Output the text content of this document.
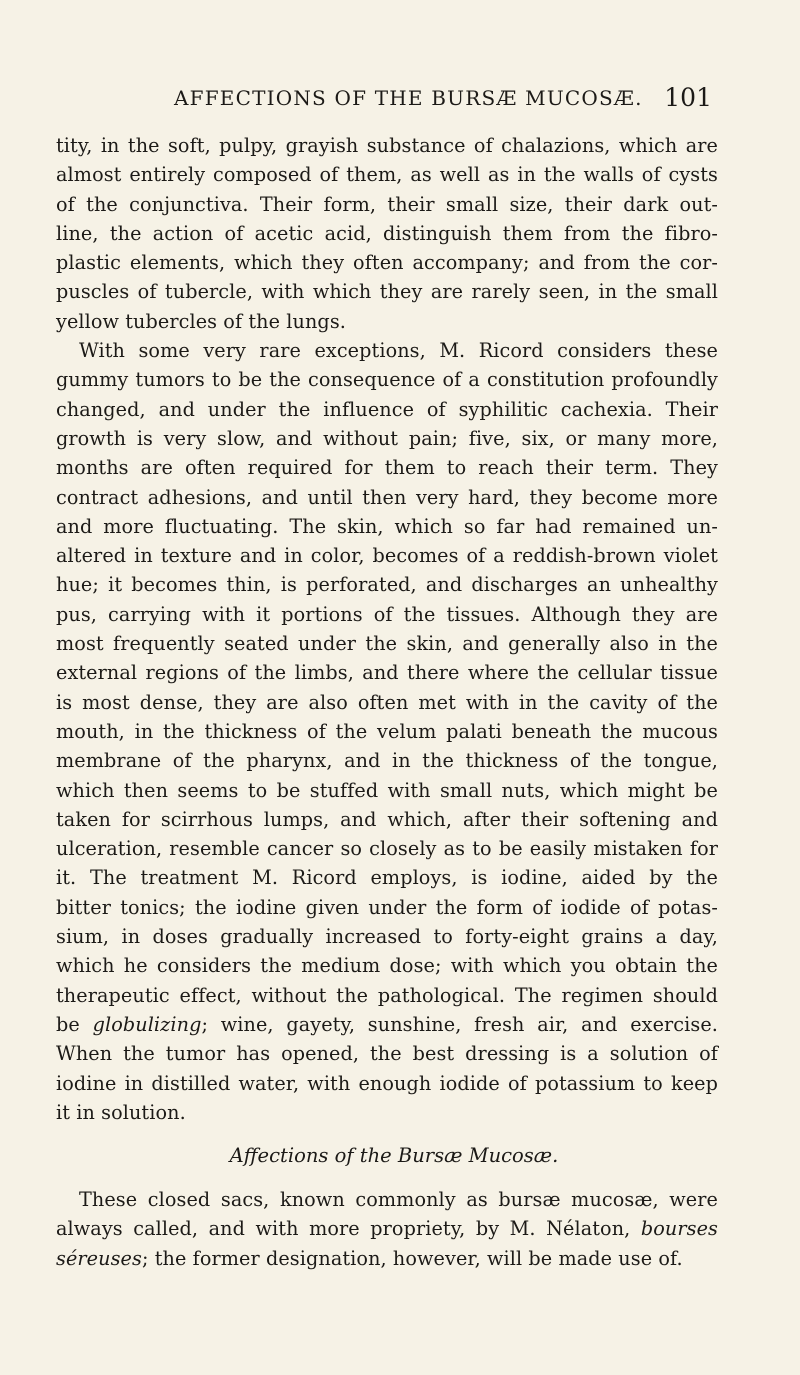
AFFECTIONS OF THE BURSÆ MUCOSÆ. 101
tity, in the soft, pulpy, grayish substance of chalazions, which are
almost entirely composed of them, as well as in the walls of cysts
of the conjunctiva. Their form, their small size, their dark out-
line, the action of acetic acid, distinguish them from the fibro-
plastic elements, which they often accompany; and from the cor-
puscles of tubercle, with which they are rarely seen, in the small
yellow tubercles of the lungs.
With some very rare exceptions, M. Ricord considers these
gummy tumors to be the consequence of a constitution profoundly
changed, and under the influence of syphilitic cachexia. Their
growth is very slow, and without pain; five, six, or many more,
months are often required for them to reach their term. They
contract adhesions, and until then very hard, they become more
and more fluctuating. The skin, which so far had remained un-
altered in texture and in color, becomes of a reddish-brown violet
hue; it becomes thin, is perforated, and discharges an unhealthy
pus, carrying with it portions of the tissues. Although they are
most frequently seated under the skin, and generally also in the
external regions of the limbs, and there where the cellular tissue
is most dense, they are also often met with in the cavity of the
mouth, in the thickness of the velum palati beneath the mucous
membrane of the pharynx, and in the thickness of the tongue,
which then seems to be stuffed with small nuts, which might be
taken for scirrhous lumps, and which, after their softening and
ulceration, resemble cancer so closely as to be easily mistaken for
it. The treatment M. Ricord employs, is iodine, aided by the
bitter tonics; the iodine given under the form of iodide of potas-
sium, in doses gradually increased to forty-eight grains a day,
which he considers the medium dose; with which you obtain the
therapeutic effect, without the pathological. The regimen should
be globulizing; wine, gayety, sunshine, fresh air, and exercise.
When the tumor has opened, the best dressing is a solution of
iodine in distilled water, with enough iodide of potassium to keep
it in solution.
Affections of the Bursæ Mucosæ.
These closed sacs, known commonly as bursæ mucosæ, were
always called, and with more propriety, by M. Nélaton, bourses
séreuses; the former designation, however, will be made use of.
